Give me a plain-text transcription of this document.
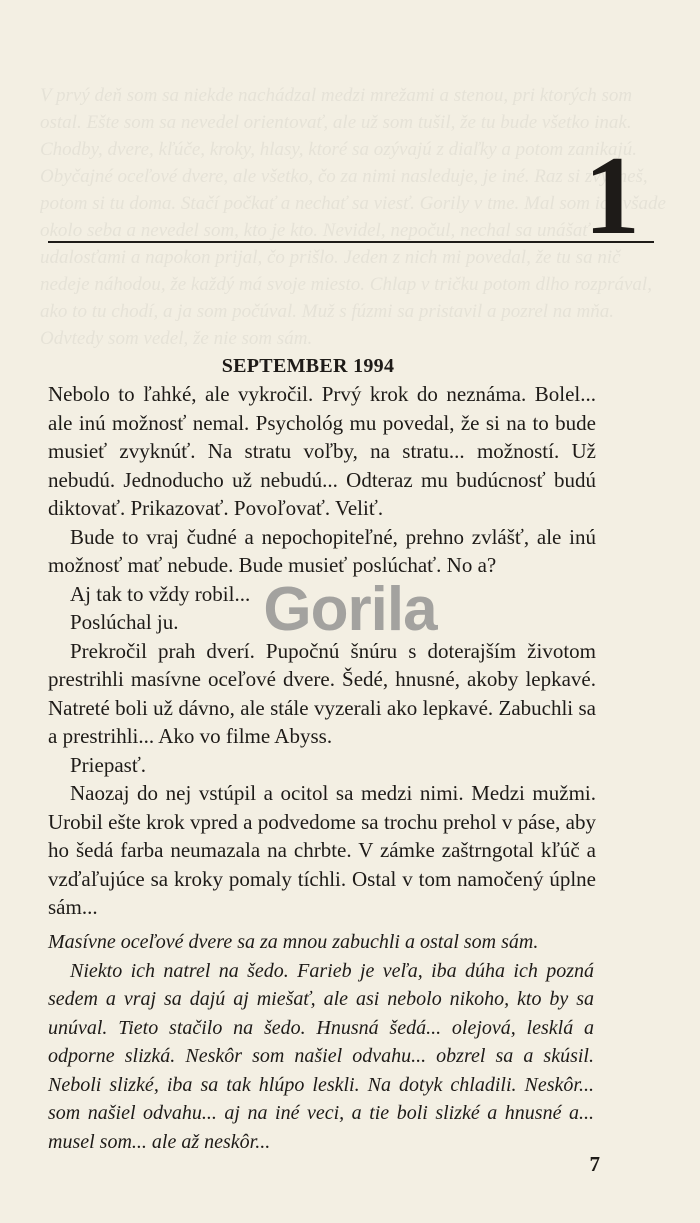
V prvý deň som sa niekde nachádzal medzi mrežami a stenou, pri ktorých som ostal. Ešte som sa nevedel orientovať, ale už som tušil, že tu bude všetko inak. Chodby, dvere, kľúče, kroky, hlasy, ktoré sa ozývajú z diaľky a potom zanikajú. Obyčajné oceľové dvere, ale všetko, čo za nimi nasleduje, je iné. Raz si zvykneš, potom si tu doma. Stačí počkať a nechať sa viesť. Gorily v tme. Mal som ich všade okolo seba a nevedel som, kto je kto. Nevidel, nepočul, nechal sa unášať udalosťami a napokon prijal, čo prišlo. Jeden z nich mi povedal, že tu sa nič nedeje náhodou, že každý má svoje miesto. Chlap v tričku potom dlho rozprával, ako to tu chodí, a ja som počúval. Muž s fúzmi sa pristavil a pozrel na mňa. Odvtedy som vedel, že nie som sám.
1
SEPTEMBER 1994

Nebolo to ľahké, ale vykročil. Prvý krok do neznáma. Bolel... ale inú možnosť nemal. Psychológ mu povedal, že si na to bude musieť zvyknúť. Na stratu voľby, na stratu... možností. Už nebudú. Jednoducho už nebudú... Odteraz mu budúcnosť budú diktovať. Prikazovať. Povoľovať. Veliť.

Bude to vraj čudné a nepochopiteľné, prehno zvlášť, ale inú možnosť mať nebude. Bude musieť poslúchať. No a?

Aj tak to vždy robil...

Poslúchal ju.

Prekročil prah dverí. Pupočnú šnúru s doterajším životom prestrihli masívne oceľové dvere. Šedé, hnusné, akoby lepkavé. Natreté boli už dávno, ale stále vyzerali ako lepkavé. Zabuchli sa a prestrihli... Ako vo filme Abyss.

Priepasť.

Naozaj do nej vstúpil a ocitol sa medzi nimi. Medzi mužmi. Urobil ešte krok vpred a podvedome sa trochu prehol v páse, aby ho šedá farba neumazala na chrbte. V zámke zaštrngotal kľúč a vzďaľujúce sa kroky pomaly tíchli. Ostal v tom namočený úplne sám...

Masívne oceľové dvere sa za mnou zabuchli a ostal som sám.

Niekto ich natrel na šedo. Farieb je veľa, iba dúha ich pozná sedem a vraj sa dajú aj miešať, ale asi nebolo nikoho, kto by sa unúval. Tieto stačilo na šedo. Hnusná šedá... olejová, lesklá a odporne slizká. Neskôr som našiel odvahu... obzrel sa a skúsil. Neboli slizké, iba sa tak hlúpo leskli. Na dotyk chladili. Neskôr... som našiel odvahu... aj na iné veci, a tie boli slizké a hnusné a... musel som... ale až neskôr...

Gorila
7
